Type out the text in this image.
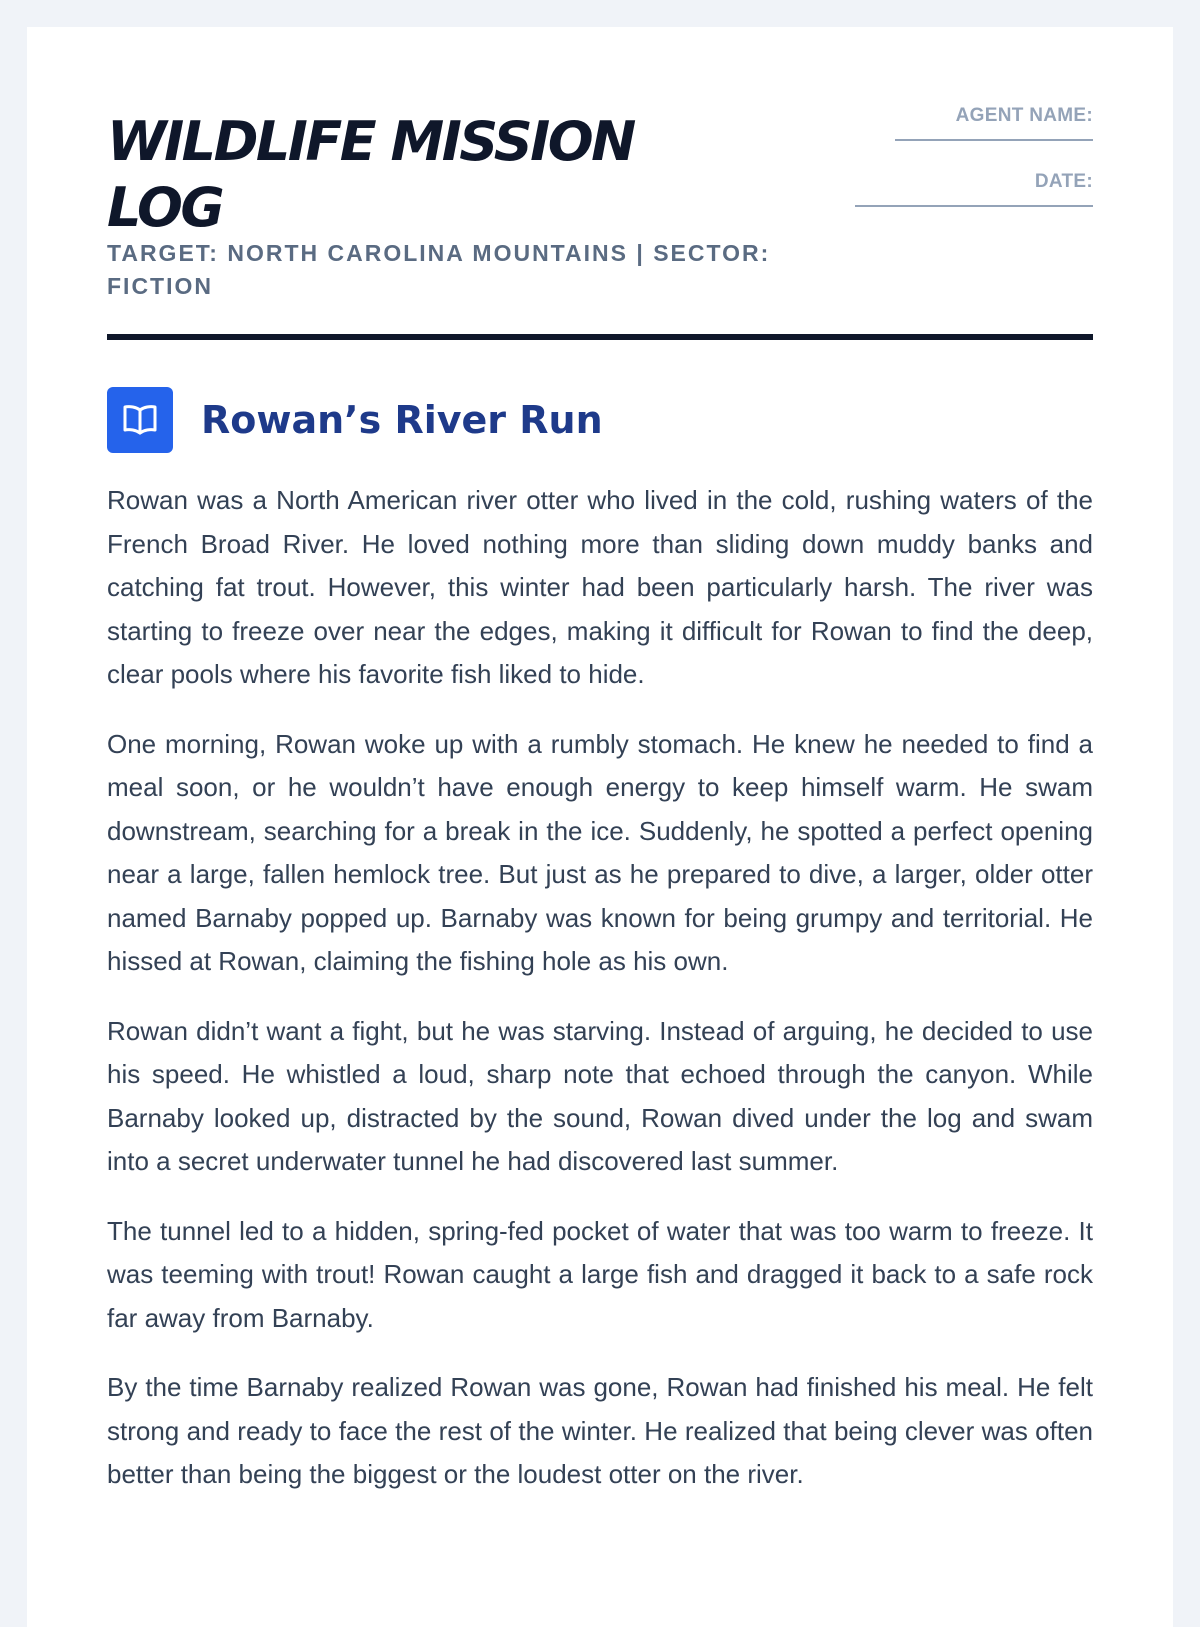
WILDLIFE MISSION LOG
TARGET: NORTH CAROLINA MOUNTAINS | SECTOR: FICTION
AGENT NAME:
DATE:
Rowan’s River Run

Rowan was a North American river otter who lived in the cold, rushing waters of the French Broad River. He loved nothing more than sliding down muddy banks and catching fat trout. However, this winter had been particularly harsh. The river was starting to freeze over near the edges, making it difficult for Rowan to find the deep, clear pools where his favorite fish liked to hide.

One morning, Rowan woke up with a rumbly stomach. He knew he needed to find a meal soon, or he wouldn’t have enough energy to keep himself warm. He swam downstream, searching for a break in the ice. Suddenly, he spotted a perfect opening near a large, fallen hemlock tree. But just as he prepared to dive, a larger, older otter named Barnaby popped up. Barnaby was known for being grumpy and territorial. He hissed at Rowan, claiming the fishing hole as his own.

Rowan didn’t want a fight, but he was starving. Instead of arguing, he decided to use his speed. He whistled a loud, sharp note that echoed through the canyon. While Barnaby looked up, distracted by the sound, Rowan dived under the log and swam into a secret underwater tunnel he had discovered last summer.

The tunnel led to a hidden, spring-fed pocket of water that was too warm to freeze. It was teeming with trout! Rowan caught a large fish and dragged it back to a safe rock far away from Barnaby.

By the time Barnaby realized Rowan was gone, Rowan had finished his meal. He felt strong and ready to face the rest of the winter. He realized that being clever was often better than being the biggest or the loudest otter on the river.
